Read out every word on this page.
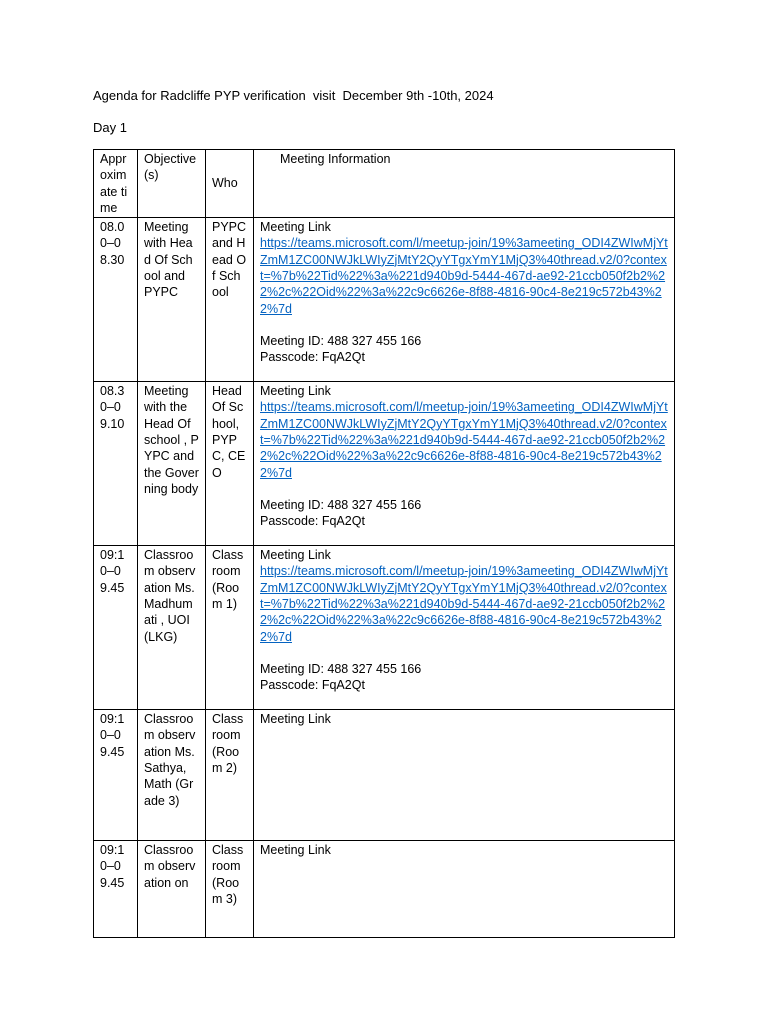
Agenda for Radcliffe PYP verification  visit  December 9th -10th, 2024
Day 1
Approximate time	Objective(s)	Who	Meeting Information
08.00–08.30	Meeting with Head Of School and  PYPC	PYPC and Head Of School	Meeting Link
https://teams.microsoft.com/l/meetup-join/19%3ameeting_ODI4ZWIwMjYtZmM1ZC00NWJkLWIyZjMtY2QyYTgxYmY1MjQ3%40thread.v2/0?context=%7b%22Tid%22%3a%221d940b9d-5444-467d-ae92-21ccb050f2b2%22%2c%22Oid%22%3a%22c9c6626e-8f88-4816-90c4-8e219c572b43%22%7d
Meeting ID: 488 327 455 166
Passcode: FqA2Qt

08.30–09.10	Meeting with the Head Of school , PYPC and the Governing body	Head Of School, PYPC, CEO	Meeting Link
https://teams.microsoft.com/l/meetup-join/19%3ameeting_ODI4ZWIwMjYtZmM1ZC00NWJkLWIyZjMtY2QyYTgxYmY1MjQ3%40thread.v2/0?context=%7b%22Tid%22%3a%221d940b9d-5444-467d-ae92-21ccb050f2b2%22%2c%22Oid%22%3a%22c9c6626e-8f88-4816-90c4-8e219c572b43%22%7d
Meeting ID: 488 327 455 166
Passcode: FqA2Qt

09:10–09.45	Classroom observation Ms.Madhumati , UOI (LKG)	Classroom (Room 1)	Meeting Link
https://teams.microsoft.com/l/meetup-join/19%3ameeting_ODI4ZWIwMjYtZmM1ZC00NWJkLWIyZjMtY2QyYTgxYmY1MjQ3%40thread.v2/0?context=%7b%22Tid%22%3a%221d940b9d-5444-467d-ae92-21ccb050f2b2%22%2c%22Oid%22%3a%22c9c6626e-8f88-4816-90c4-8e219c572b43%22%7d
Meeting ID: 488 327 455 166
Passcode: FqA2Qt

09:10–09.45	Classroom observation Ms.Sathya, Math (Grade 3)	Classroom (Room 2)	Meeting Link

09:10–09.45	Classroom observation on	Classroom (Room 3)	Meeting Link
